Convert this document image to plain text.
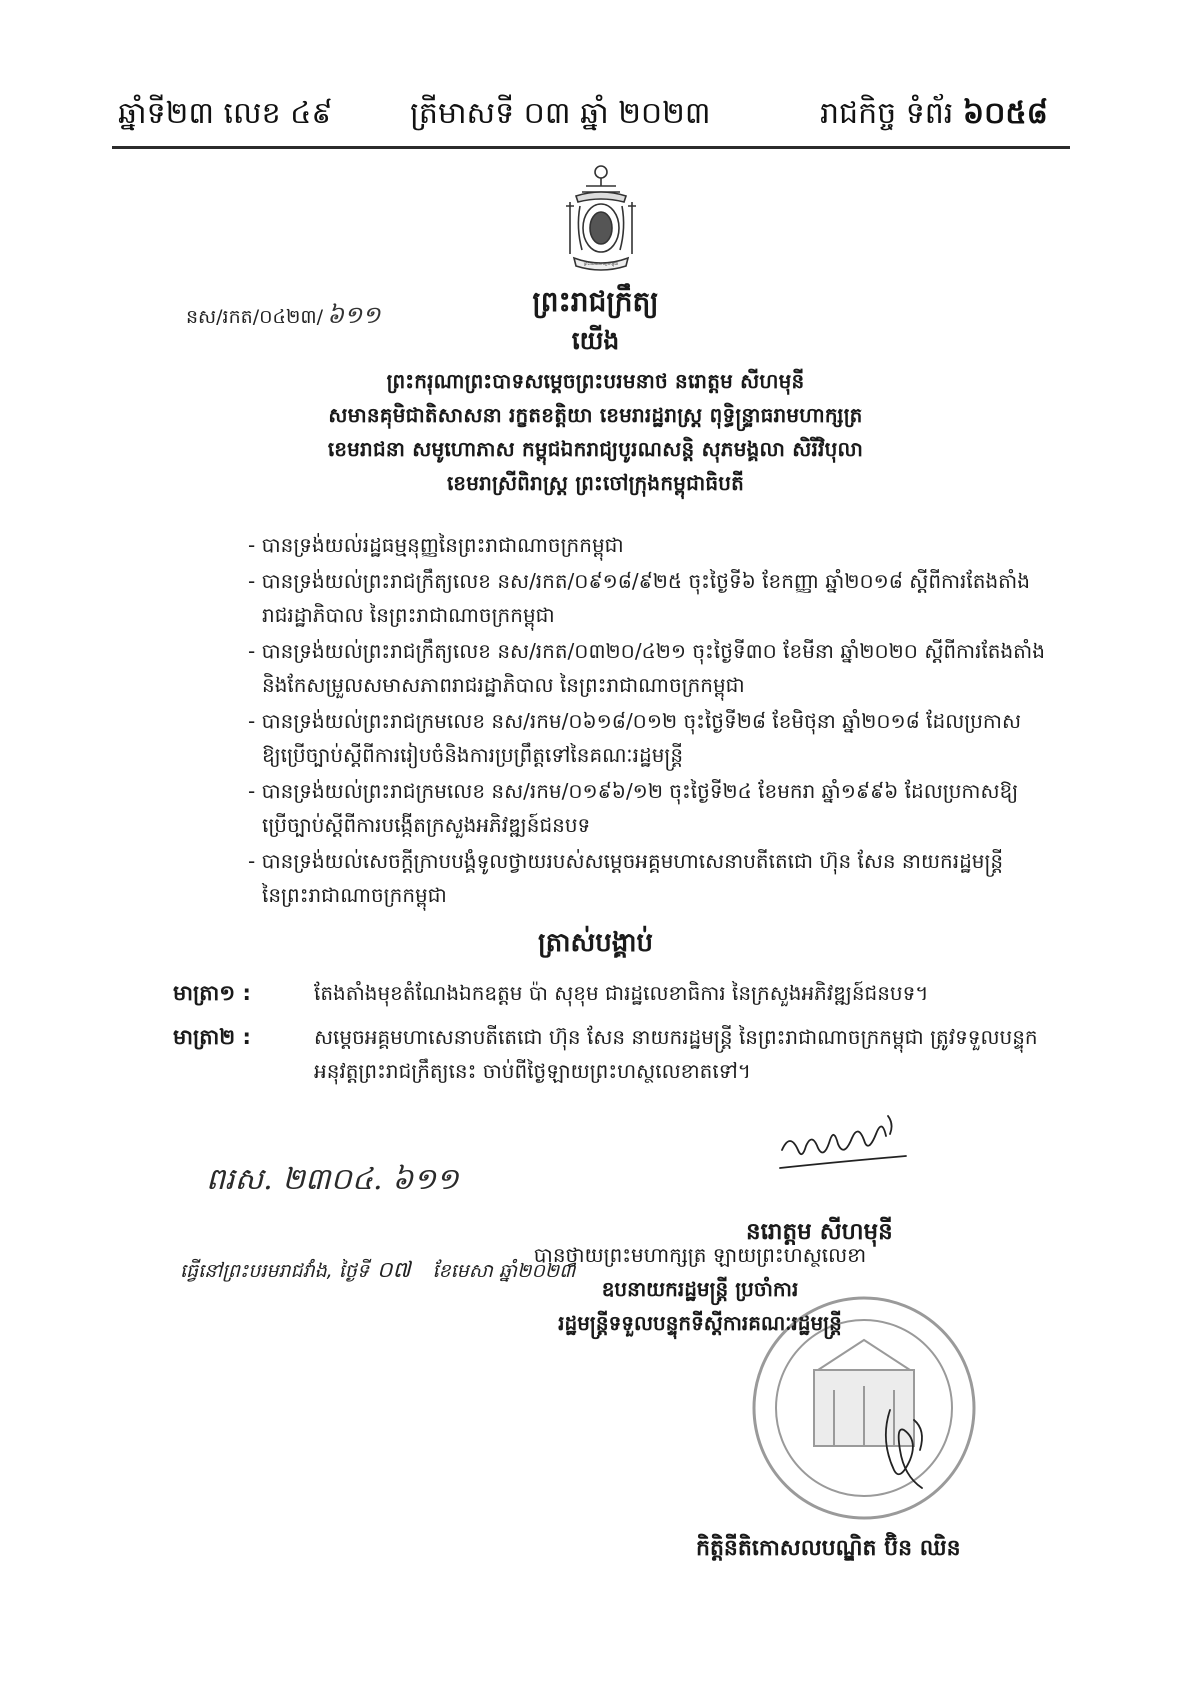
ឆ្នាំទី២៣ លេខ ៤៩	ត្រីមាសទី ០៣ ឆ្នាំ ២០២៣	រាជកិច្ច ទំព័រ ៦០៥៨
ព្រះរាជាណាចក្រកម្ពុជា
ព្រះរាជក្រឹត្យ
នស/រកត/០៤២៣/ ៦១១
យើង
ព្រះករុណាព្រះបាទសម្តេចព្រះបរមនាថ នរោត្តម សីហមុនី
សមានគុមិជាតិសាសនា រក្ខតខត្តិយា ខេមរារដ្ឋរាស្ត្រ ពុទ្ធិន្ទ្រាធរាមហាក្សត្រ
ខេមរាជនា សមូហោភាស កម្ពុជឯករាជ្យបូរណសន្តិ សុភមង្គលា សិរីវិបុលា
ខេមរាស្រីពិរាស្ត្រ ព្រះចៅក្រុងកម្ពុជាធិបតី
- បានទ្រង់យល់រដ្ឋធម្មនុញ្ញនៃព្រះរាជាណាចក្រកម្ពុជា
- បានទ្រង់យល់ព្រះរាជក្រឹត្យលេខ នស/រកត/០៩១៨/៩២៥ ចុះថ្ងៃទី៦ ខែកញ្ញា ឆ្នាំ២០១៨ ស្តីពីការតែងតាំង
រាជរដ្ឋាភិបាល នៃព្រះរាជាណាចក្រកម្ពុជា
- បានទ្រង់យល់ព្រះរាជក្រឹត្យលេខ នស/រកត/០៣២០/៤២១ ចុះថ្ងៃទី៣០ ខែមីនា ឆ្នាំ២០២០ ស្តីពីការតែងតាំង
និងកែសម្រួលសមាសភាពរាជរដ្ឋាភិបាល នៃព្រះរាជាណាចក្រកម្ពុជា
- បានទ្រង់យល់ព្រះរាជក្រមលេខ នស/រកម/០៦១៨/០១២ ចុះថ្ងៃទី២៨ ខែមិថុនា ឆ្នាំ២០១៨ ដែលប្រកាស
ឱ្យប្រើច្បាប់ស្តីពីការរៀបចំនិងការប្រព្រឹត្តទៅនៃគណៈរដ្ឋមន្ត្រី
- បានទ្រង់យល់ព្រះរាជក្រមលេខ នស/រកម/០១៩៦/១២ ចុះថ្ងៃទី២៤ ខែមករា ឆ្នាំ១៩៩៦ ដែលប្រកាសឱ្យ
ប្រើច្បាប់ស្តីពីការបង្កើតក្រសួងអភិវឌ្ឍន៍ជនបទ
- បានទ្រង់យល់សេចក្តីក្រាបបង្គំទូលថ្វាយរបស់សម្តេចអគ្គមហាសេនាបតីតេជោ ហ៊ុន សែន នាយករដ្ឋមន្ត្រី
នៃព្រះរាជាណាចក្រកម្ពុជា
ត្រាស់បង្គាប់
មាត្រា១ :	តែងតាំងមុខតំណែងឯកឧត្តម ប៉ា សុខុម ជារដ្ឋលេខាធិការ នៃក្រសួងអភិវឌ្ឍន៍ជនបទ។
មាត្រា២ :	សម្តេចអគ្គមហាសេនាបតីតេជោ ហ៊ុន សែន នាយករដ្ឋមន្ត្រី នៃព្រះរាជាណាចក្រកម្ពុជា ត្រូវទទួលបន្ទុក
អនុវត្តព្រះរាជក្រឹត្យនេះ ចាប់ពីថ្ងៃឡាយព្រះហស្ថលេខាតទៅ។
ពរស. ២៣០៤. ៦១១
ធ្វើនៅព្រះបរមរាជវាំង, ថ្ងៃទី ០៧ ខែមេសា ឆ្នាំ២០២៣
នរោត្តម សីហមុនី
បានថ្វាយព្រះមហាក្សត្រ ឡាយព្រះហស្ថលេខា
ឧបនាយករដ្ឋមន្ត្រី ប្រចាំការ
រដ្ឋមន្ត្រីទទួលបន្ទុកទីស្តីការគណៈរដ្ឋមន្ត្រី
កិត្តិនីតិកោសលបណ្ឌិត ប៊ិន ឈិន
